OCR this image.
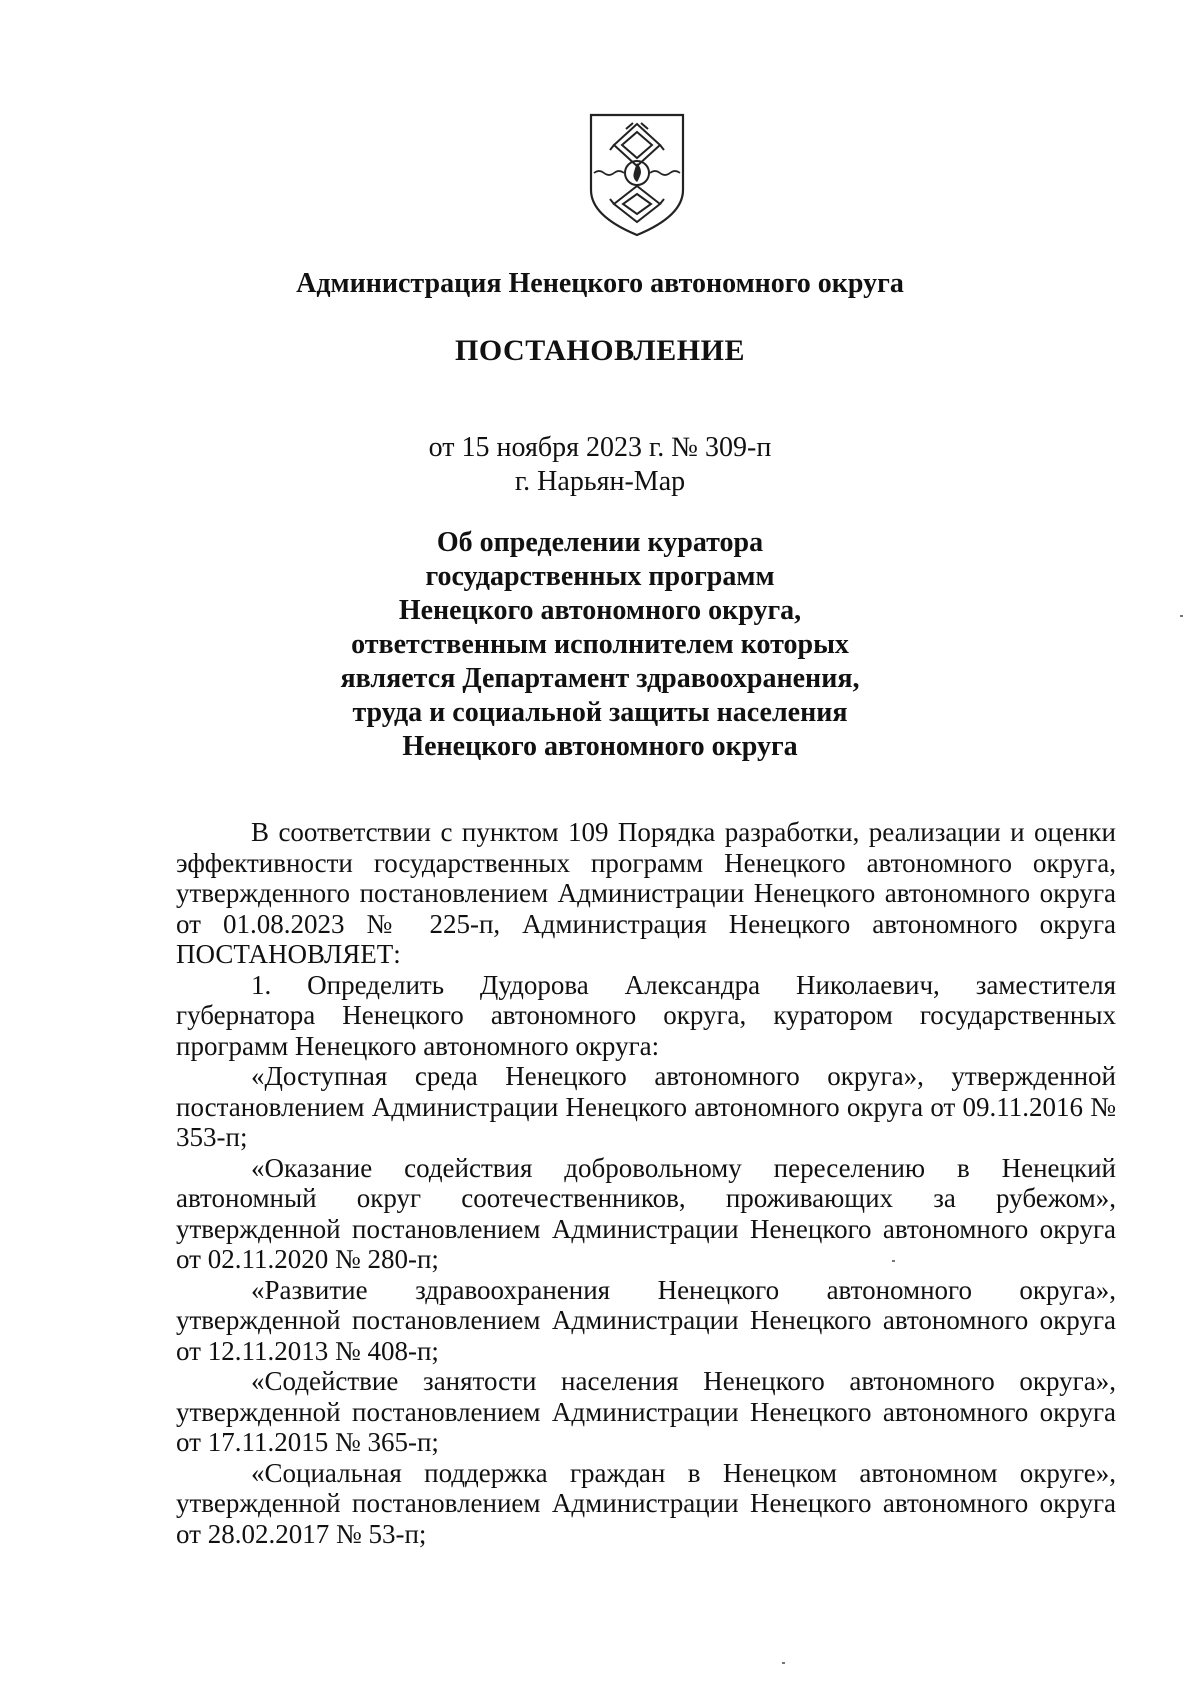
Администрация Ненецкого автономного округа
ПОСТАНОВЛЕНИЕ
от 15 ноября 2023 г. № 309-п
г. Нарьян-Мар
Об определении куратора
государственных программ
Ненецкого автономного округа,
ответственным исполнителем которых
является Департамент здравоохранения,
труда и социальной защиты населения
Ненецкого автономного округа

В соответствии с пунктом 109 Порядка разработки, реализации и оценки эффективности государственных программ Ненецкого автономного округа, утвержденного постановлением Администрации Ненецкого автономного округа от 01.08.2023 № 225-п, Администрация Ненецкого автономного округа ПОСТАНОВЛЯЕТ:

1. Определить Дудорова Александра Николаевич, заместителя губернатора Ненецкого автономного округа, куратором государственных программ Ненецкого автономного округа:

«Доступная среда Ненецкого автономного округа», утвержденной постановлением Администрации Ненецкого автономного округа от 09.11.2016 № 353-п;

«Оказание содействия добровольному переселению в Ненецкий автономный округ соотечественников, проживающих за рубежом», утвержденной постановлением Администрации Ненецкого автономного округа от 02.11.2020 № 280-п;

«Развитие здравоохранения Ненецкого автономного округа», утвержденной постановлением Администрации Ненецкого автономного округа от 12.11.2013 № 408-п;

«Содействие занятости населения Ненецкого автономного округа», утвержденной постановлением Администрации Ненецкого автономного округа от 17.11.2015 № 365-п;

«Социальная поддержка граждан в Ненецком автономном округе», утвержденной постановлением Администрации Ненецкого автономного округа от 28.02.2017 № 53-п;
